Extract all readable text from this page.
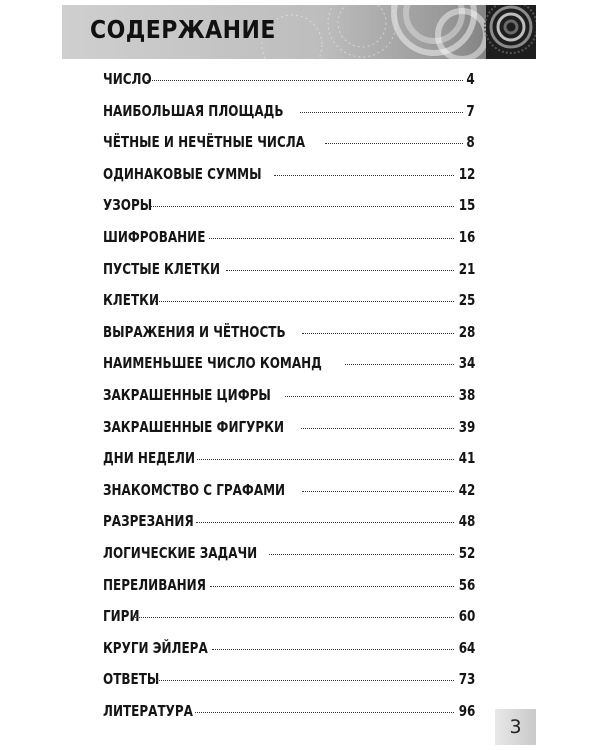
СОДЕРЖАНИЕ
ЧИСЛО	4
НАИБОЛЬШАЯ ПЛОЩАДЬ	7
ЧЁТНЫЕ И НЕЧЁТНЫЕ ЧИСЛА	8
ОДИНАКОВЫЕ СУММЫ	12
УЗОРЫ	15
ШИФРОВАНИЕ	16
ПУСТЫЕ КЛЕТКИ	21
КЛЕТКИ	25
ВЫРАЖЕНИЯ И ЧЁТНОСТЬ	28
НАИМЕНЬШЕЕ ЧИСЛО КОМАНД	34
ЗАКРАШЕННЫЕ ЦИФРЫ	38
ЗАКРАШЕННЫЕ ФИГУРКИ	39
ДНИ НЕДЕЛИ	41
ЗНАКОМСТВО С ГРАФАМИ	42
РАЗРЕЗАНИЯ	48
ЛОГИЧЕСКИЕ ЗАДАЧИ	52
ПЕРЕЛИВАНИЯ	56
ГИРИ	60
КРУГИ ЭЙЛЕРА	64
ОТВЕТЫ	73
ЛИТЕРАТУРА	96
3
